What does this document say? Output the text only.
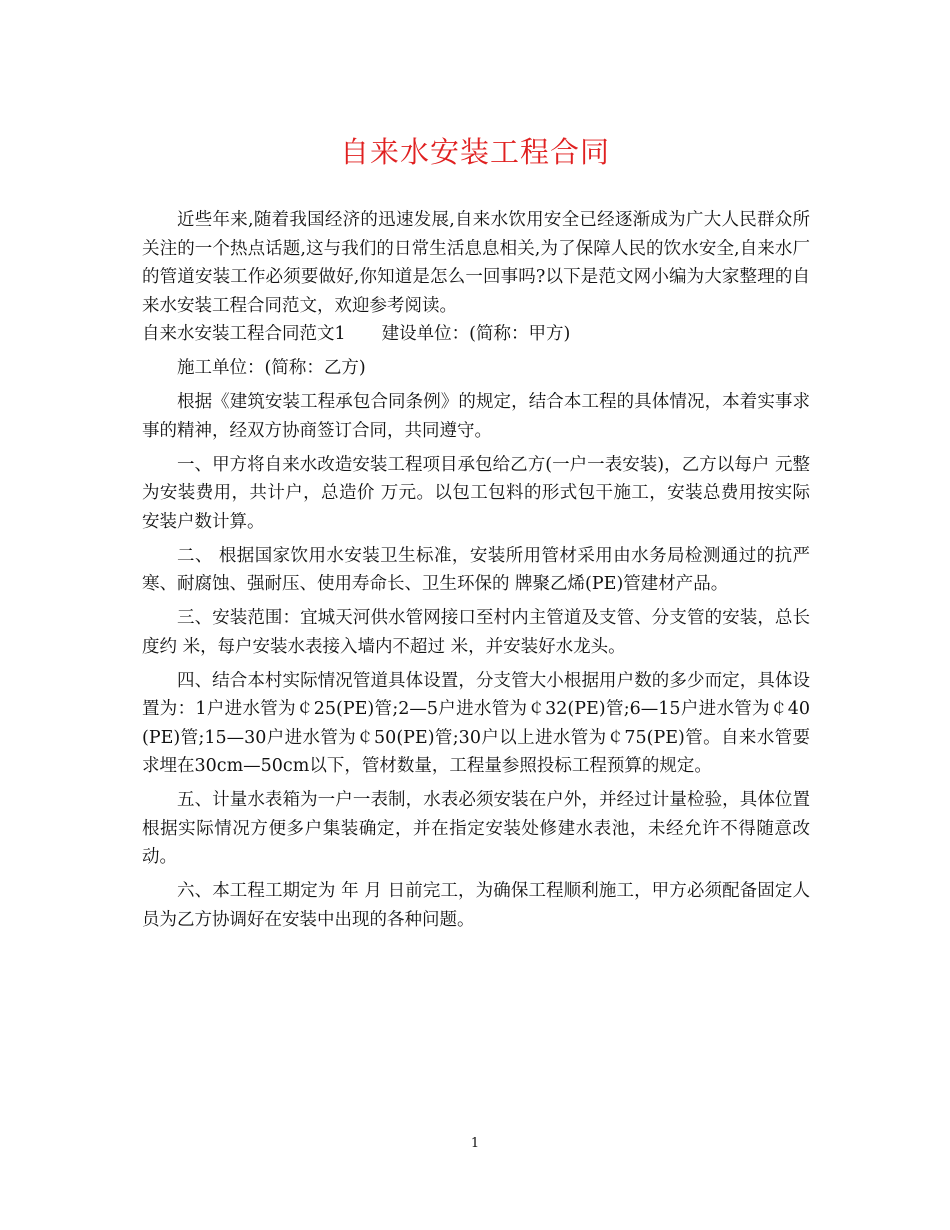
自来水安装工程合同

近些年来,随着我国经济的迅速发展,自来水饮用安全已经逐渐成为广大人民群众所关注的一个热点话题,这与我们的日常生活息息相关,为了保障人民的饮水安全,自来水厂的管道安装工作必须要做好,你知道是怎么一回事吗?以下是范文网小编为大家整理的自来水安装工程合同范文，欢迎参考阅读。

自来水安装工程合同范文1 建设单位：(简称：甲方)

施工单位：(简称：乙方)

根据《建筑安装工程承包合同条例》的规定，结合本工程的具体情况，本着实事求事的精神，经双方协商签订合同，共同遵守。

一、甲方将自来水改造安装工程项目承包给乙方(一户一表安装)，乙方以每户 元整为安装费用，共计户，总造价 万元。以包工包料的形式包干施工，安装总费用按实际安装户数计算。

二、 根据国家饮用水安装卫生标准，安装所用管材采用由水务局检测通过的抗严寒、耐腐蚀、强耐压、使用寿命长、卫生环保的 牌聚乙烯(PE)管建材产品。

三、安装范围：宜城天河供水管网接口至村内主管道及支管、分支管的安装，总长度约 米，每户安装水表接入墙内不超过 米，并安装好水龙头。

四、结合本村实际情况管道具体设置，分支管大小根据用户数的多少而定，具体设置为：1户进水管为￠25(PE)管;2—5户进水管为￠32(PE)管;6—15户进水管为￠40(PE)管;15—30户进水管为￠50(PE)管;30户以上进水管为￠75(PE)管。自来水管要求埋在30cm—50cm以下，管材数量，工程量参照投标工程预算的规定。

五、计量水表箱为一户一表制，水表必须安装在户外，并经过计量检验，具体位置根据实际情况方便多户集装确定，并在指定安装处修建水表池，未经允许不得随意改动。

六、本工程工期定为 年 月 日前完工，为确保工程顺利施工，甲方必须配备固定人员为乙方协调好在安装中出现的各种问题。

1
